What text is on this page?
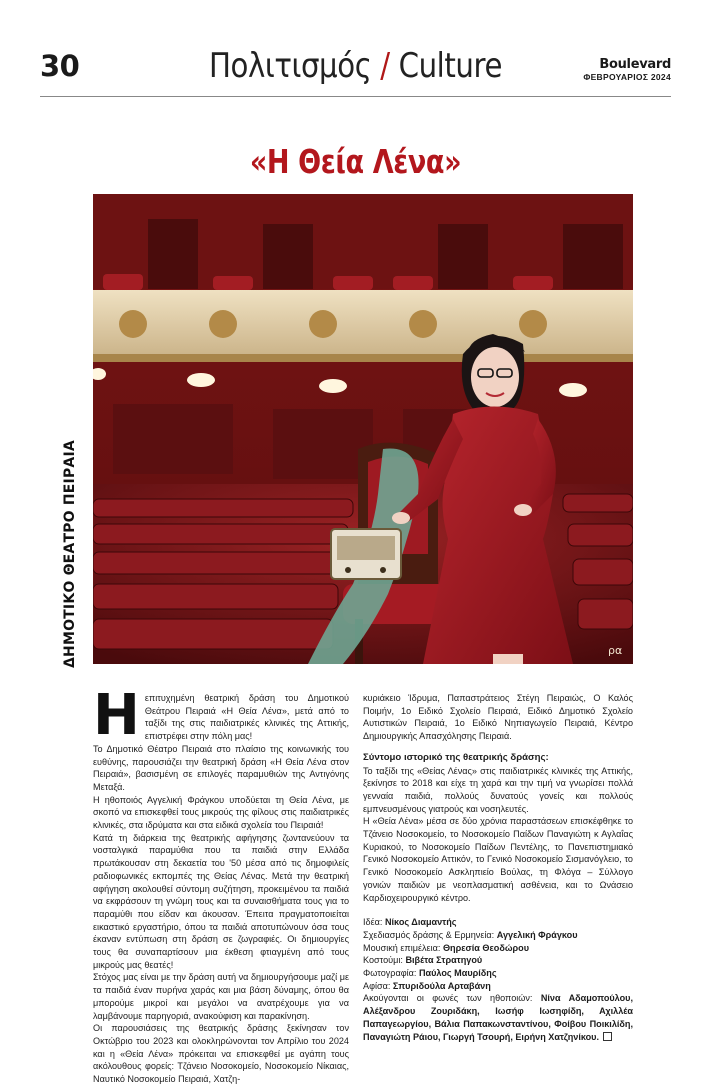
30	Πολιτισμός / Culture	Boulevard
ΦΕΒΡΟΥΑΡΙΟΣ 2024
«Η Θεία Λένα»
ΔΗΜΟΤΙΚΟ ΘΕΑΤΡΟ ΠΕΙΡΑΙΑ	ρα
Η επιτυχημένη θεατρική δράση του Δημοτικού Θεάτρου Πειραιά «Η Θεία Λένα», μετά από το ταξίδι της στις παιδιατρικές κλινικές της Αττικής, επιστρέφει στην πόλη μας!

Το Δημοτικό Θέατρο Πειραιά στο πλαίσιο της κοινωνικής του ευθύνης, παρουσιάζει την θεατρική δράση «Η Θεία Λένα στον Πειραιά», βασισμένη σε επιλογές παραμυθιών της Αντιγόνης Μεταξά.

Η ηθοποιός Αγγελική Φράγκου υποδύεται τη Θεία Λένα, με σκοπό να επισκεφθεί τους μικρούς της φίλους στις παιδιατρικές κλινικές, στα ιδρύματα και στα ειδικά σχολεία του Πειραιά!

Κατά τη διάρκεια της θεατρικής αφήγησης ζωντανεύουν τα νοσταλγικά παραμύθια που τα παιδιά στην Ελλάδα πρωτάκουσαν στη δεκαετία του '50 μέσα από τις δημοφιλείς ραδιοφωνικές εκπομπές της Θείας Λένας. Μετά την θεατρική αφήγηση ακολουθεί σύντομη συζήτηση, προκειμένου τα παιδιά να εκφράσουν τη γνώμη τους και τα συναισθήματα τους για το παραμύθι που είδαν και άκουσαν. Έπειτα πραγματοποιείται εικαστικό εργαστήριο, όπου τα παιδιά αποτυπώνουν όσα τους έκαναν εντύπωση στη δράση σε ζωγραφιές. Οι δημιουργίες τους θα συναπαρτίσουν μια έκθεση φτιαγμένη από τους μικρούς μας θεατές!

Στόχος μας είναι με την δράση αυτή να δημιουργήσουμε μαζί με τα παιδιά έναν πυρήνα χαράς και μια βάση δύναμης, όπου θα μπορούμε μικροί και μεγάλοι να ανατρέχουμε για να λαμβάνουμε παρηγοριά, ανακούφιση και παρακίνηση.

Οι παρουσιάσεις της θεατρικής δράσης ξεκίνησαν τον Οκτώβριο του 2023 και ολοκληρώνονται τον Απρίλιο του 2024 και η «Θεία Λένα» πρόκειται να επισκεφθεί με αγάπη τους ακόλουθους φορείς: Τζάνειο Νοσοκομείο, Νοσοκομείο Νίκαιας, Ναυτικό Νοσοκομείο Πειραιά, Χατζη-

κυριάκειο Ίδρυμα, Παπαστράτειος Στέγη Πειραιώς, Ο Καλός Ποιμήν, 1ο Ειδικό Σχολείο Πειραιά, Ειδικό Δημοτικό Σχολείο Αυτιστικών Πειραιά, 1ο Ειδικό Νηπιαγωγείο Πειραιά, Κέντρο Δημιουργικής Απασχόλησης Πειραιά.

Σύντομο ιστορικό της θεατρικής δράσης:

Το ταξίδι της «Θείας Λένας» στις παιδιατρικές κλινικές της Αττικής, ξεκίνησε το 2018 και είχε τη χαρά και την τιμή να γνωρίσει πολλά γενναία παιδιά, πολλούς δυνατούς γονείς και πολλούς εμπνευσμένους γιατρούς και νοσηλευτές.

Η «Θεία Λένα» μέσα σε δύο χρόνια παραστάσεων επισκέφθηκε το Τζάνειο Νοσοκομείο, το Νοσοκομείο Παίδων Παναγιώτη κ Αγλαΐας Κυριακού, το Νοσοκομείο Παίδων Πεντέλης, το Πανεπιστημιακό Γενικό Νοσοκομείο Αττικόν, το Γενικό Νοσοκομείο Σισμανόγλειο, το Γενικό Νοσοκομείο Ασκληπιείο Βούλας, τη Φλόγα – Σύλλογο γονιών παιδιών με νεοπλασματική ασθένεια, και το Ωνάσειο Καρδιοχειρουργικό κέντρο.

Ιδέα: Νίκος Διαμαντής

Σχεδιασμός δράσης & Ερμηνεία: Αγγελική Φράγκου

Μουσική επιμέλεια: Θηρεσία Θεοδώρου

Κοστούμι: Βιβέτα Στρατηγού

Φωτογραφία: Παύλος Μαυρίδης

Αφίσα: Σπυριδούλα Αρταβάνη

Ακούγονται οι φωνές των ηθοποιών: Νίνα Αδαμοπούλου, Αλέξανδρου Ζουριδάκη, Ιωσήφ Ιωσηφίδη, Αχιλλέα Παπαγεωργίου, Βάλια Παπακωνσταντίνου, Φοίβου Ποικιλίδη, Παναγιώτη Ράιου, Γιωργή Τσουρή, Ειρήνη Χατζηνίκου.
